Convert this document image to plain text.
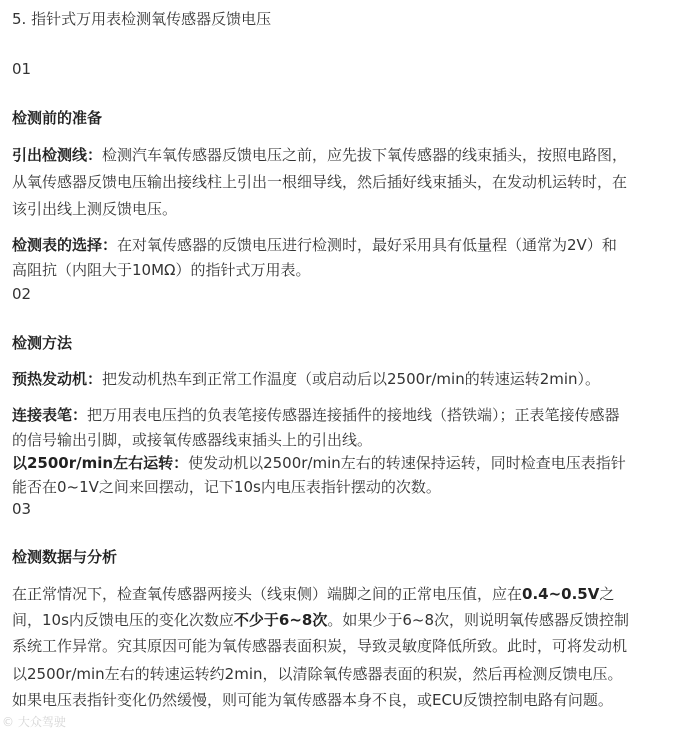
5. 指针式万用表检测氧传感器反馈电压
01
检测前的准备
引出检测线：检测汽车氧传感器反馈电压之前，应先拔下氧传感器的线束插头，按照电路图，
从氧传感器反馈电压输出接线柱上引出一根细导线，然后插好线束插头，在发动机运转时，在
该引出线上测反馈电压。
检测表的选择：在对氧传感器的反馈电压进行检测时，最好采用具有低量程（通常为2V）和
高阻抗（内阻大于10MΩ）的指针式万用表。
02
检测方法
预热发动机：把发动机热车到正常工作温度（或启动后以2500r/min的转速运转2min）。
连接表笔：把万用表电压挡的负表笔接传感器连接插件的接地线（搭铁端）；正表笔接传感器
的信号输出引脚，或接氧传感器线束插头上的引出线。
以2500r/min左右运转：使发动机以2500r/min左右的转速保持运转，同时检查电压表指针
能否在0~1V之间来回摆动，记下10s内电压表指针摆动的次数。
03
检测数据与分析
在正常情况下，检查氧传感器两接头（线束侧）端脚之间的正常电压值，应在0.4~0.5V之
间，10s内反馈电压的变化次数应不少于6~8次。如果少于6~8次，则说明氧传感器反馈控制
系统工作异常。究其原因可能为氧传感器表面积炭，导致灵敏度降低所致。此时，可将发动机
以2500r/min左右的转速运转约2min，以清除氧传感器表面的积炭，然后再检测反馈电压。
如果电压表指针变化仍然缓慢，则可能为氧传感器本身不良，或ECU反馈控制电路有问题。
© 大众驾驶
